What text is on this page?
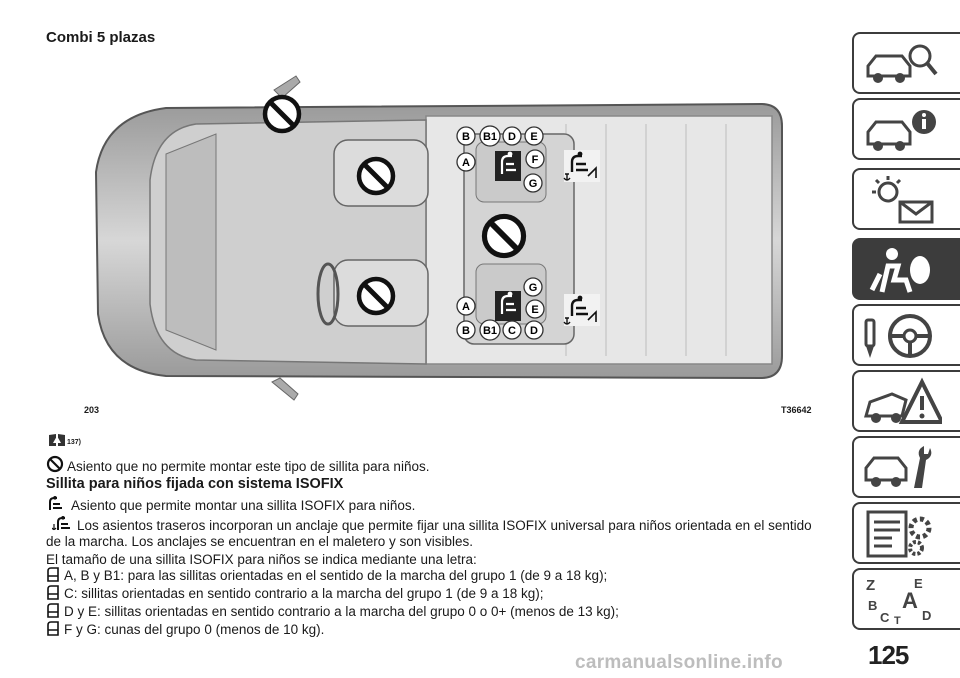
Combi 5 plazas
B B1 D E
A	F
G
G
A	E
B B1 C D
203	T36642
137)
Asiento que no permite montar este tipo de sillita para niños.
Sillita para niños fijada con sistema ISOFIX
Asiento que permite montar una sillita ISOFIX para niños.
Los asientos traseros incorporan un anclaje que permite fijar una sillita ISOFIX universal para niños orientada en el sentido
de la marcha. Los anclajes se encuentran en el maletero y son visibles.
El tamaño de una sillita ISOFIX para niños se indica mediante una letra:
A, B y B1: para las sillitas orientadas en el sentido de la marcha del grupo 1 (de 9 a 18 kg);
C: sillitas orientadas en sentido contrario a la marcha del grupo 1 (de 9 a 18 kg);
D y E: sillitas orientadas en sentido contrario a la marcha del grupo 0 o 0+ (menos de 13 kg);
F y G: cunas del grupo 0 (menos de 10 kg).
Z	E
B A
C	D
T
125
carmanualsonline.info
